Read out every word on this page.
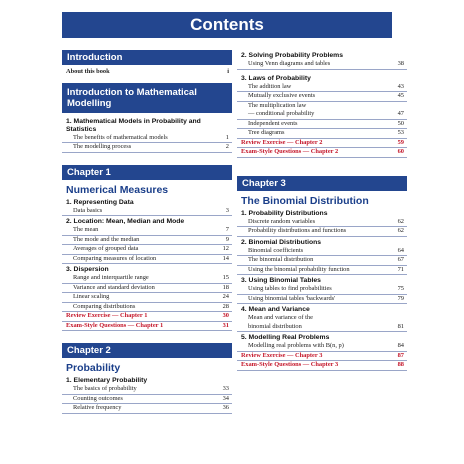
Contents
Introduction
About this book	i
Introduction to Mathematical Modelling
1. Mathematical Models in Probability and Statistics
The benefits of mathematical models	1
The modelling process	2
Chapter 1
Numerical Measures
1. Representing Data
Data basics	3
2. Location: Mean, Median and Mode
The mean	7
The mode and the median	9
Averages of grouped data	12
Comparing measures of location	14
3. Dispersion
Range and interquartile range	15
Variance and standard deviation	18
Linear scaling	24
Comparing distributions	28
Review Exercise — Chapter 1	30
Exam-Style Questions — Chapter 1	31
Chapter 2
Probability
1. Elementary Probability
The basics of probability	33
Counting outcomes	34
Relative frequency	36
2. Solving Probability Problems
Using Venn diagrams and tables	38
3. Laws of Probability
The addition law	43
Mutually exclusive events	45
The multiplication law
— conditional probability	47
Independent events	50
Tree diagrams	53
Review Exercise — Chapter 2	59
Exam-Style Questions — Chapter 2	60
Chapter 3
The Binomial Distribution
1. Probability Distributions
Discrete random variables	62
Probability distributions and functions	62
2. Binomial Distributions
Binomial coefficients	64
The binomial distribution	67
Using the binomial probability function	71
3. Using Binomial Tables
Using tables to find probabilities	75
Using binomial tables 'backwards'	79
4. Mean and Variance
Mean and variance of the
binomial distribution	81
5. Modelling Real Problems
Modelling real problems with B(n, p)	84
Review Exercise — Chapter 3	87
Exam-Style Questions — Chapter 3	88
